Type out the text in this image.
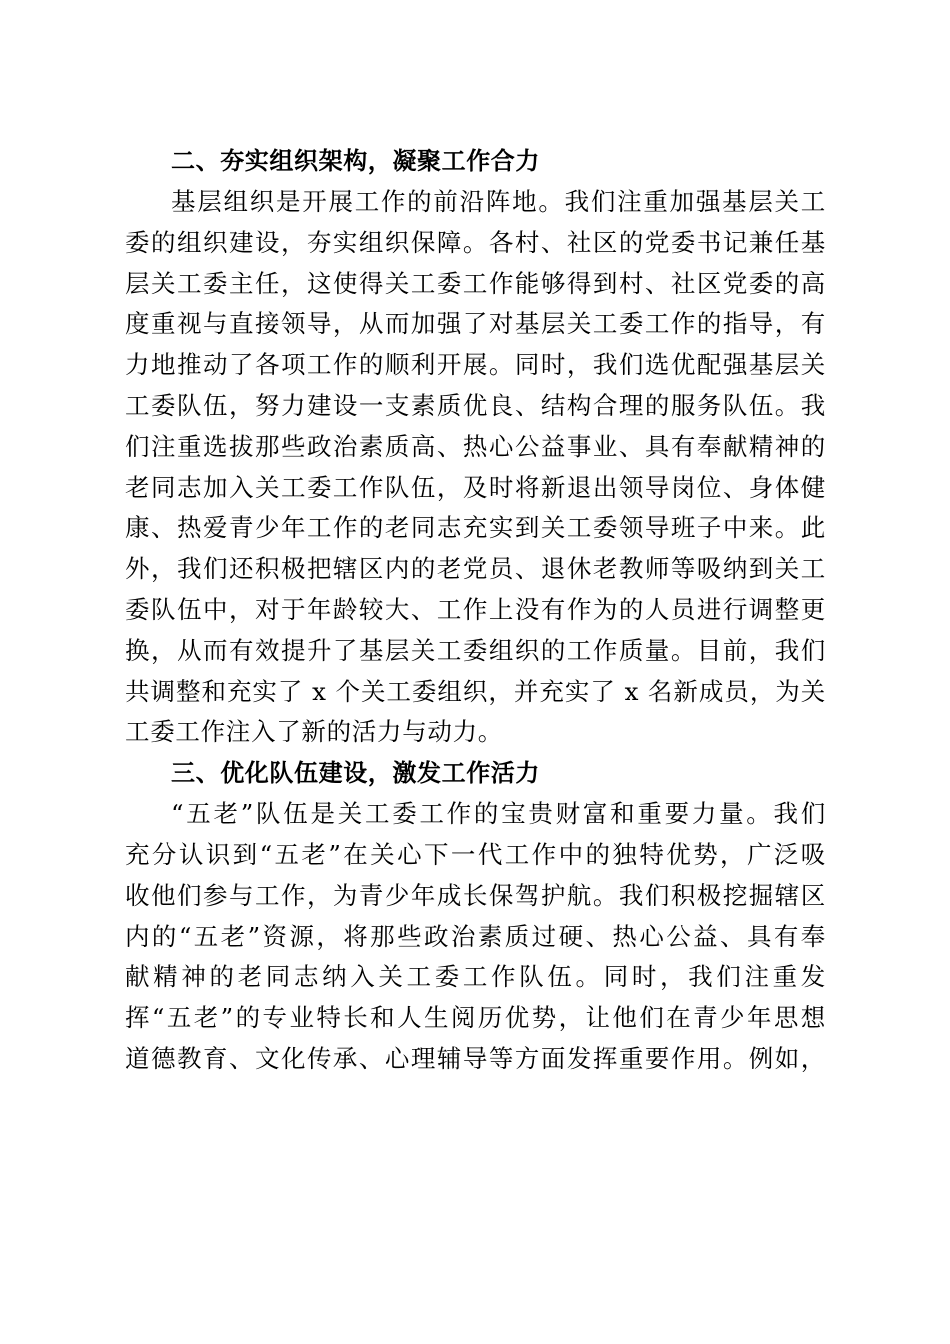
二、夯实组织架构，凝聚工作合力
基层组织是开展工作的前沿阵地。我们注重加强基层关工
委的组织建设，夯实组织保障。各村、社区的党委书记兼任基
层关工委主任，这使得关工委工作能够得到村、社区党委的高
度重视与直接领导，从而加强了对基层关工委工作的指导，有
力地推动了各项工作的顺利开展。同时，我们选优配强基层关
工委队伍，努力建设一支素质优良、结构合理的服务队伍。我
们注重选拔那些政治素质高、热心公益事业、具有奉献精神的
老同志加入关工委工作队伍，及时将新退出领导岗位、身体健
康、热爱青少年工作的老同志充实到关工委领导班子中来。此
外，我们还积极把辖区内的老党员、退休老教师等吸纳到关工
委队伍中，对于年龄较大、工作上没有作为的人员进行调整更
换，从而有效提升了基层关工委组织的工作质量。目前，我们
共调整和充实了 x 个关工委组织，并充实了 x 名新成员，为关
工委工作注入了新的活力与动力。
三、优化队伍建设，激发工作活力
“五老”队伍是关工委工作的宝贵财富和重要力量。我们
充分认识到“五老”在关心下一代工作中的独特优势，广泛吸
收他们参与工作，为青少年成长保驾护航。我们积极挖掘辖区
内的“五老”资源，将那些政治素质过硬、热心公益、具有奉
献精神的老同志纳入关工委工作队伍。同时，我们注重发
挥“五老”的专业特长和人生阅历优势，让他们在青少年思想
道德教育、文化传承、心理辅导等方面发挥重要作用。例如，
